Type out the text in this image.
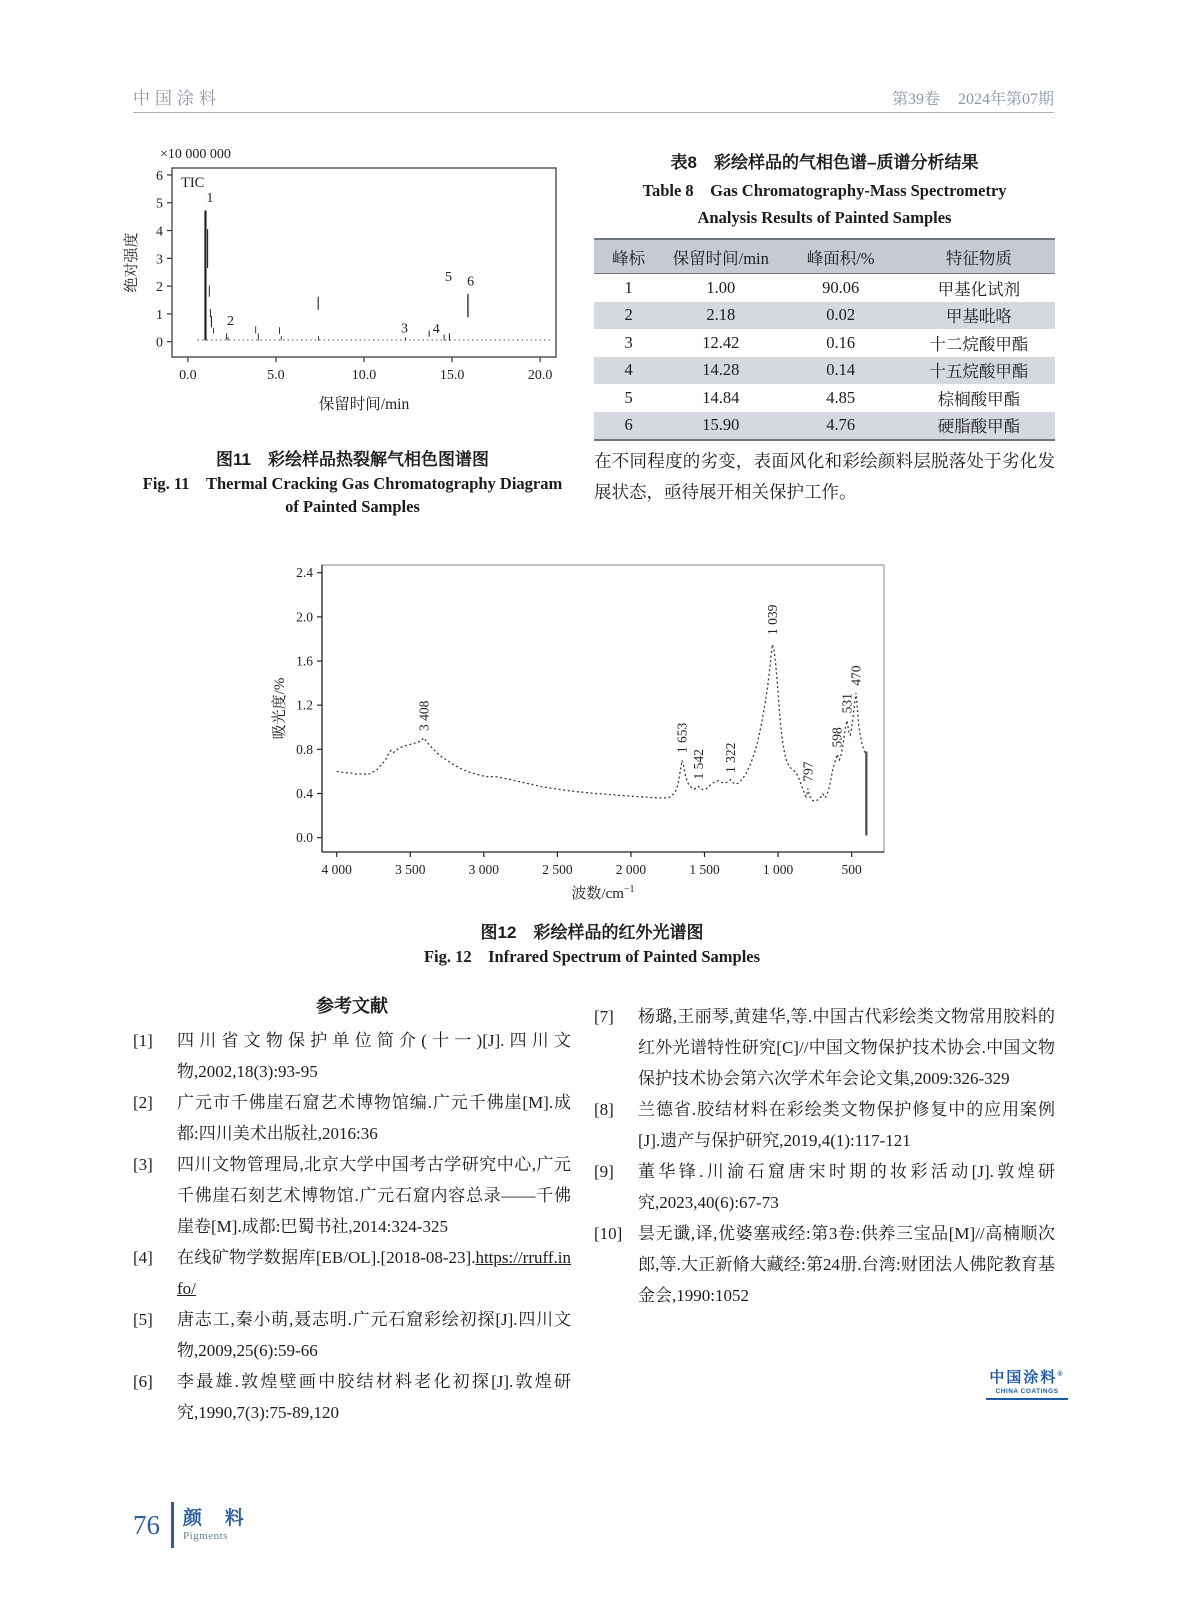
中国涂料	第39卷 2024年第07期
×10 000 000
TIC
0
1
2
3
4
5
6
0.0	5.0	10.0	15.0	20.0
保留时间/min
绝对强度
1
2	3 4
5 6
图11　彩绘样品热裂解气相色图谱图
Fig. 11　Thermal Cracking Gas Chromatography Diagram
of Painted Samples
表8　彩绘样品的气相色谱–质谱分析结果
Table 8　Gas Chromatography-Mass Spectrometry
Analysis Results of Painted Samples
峰标	保留时间/min	峰面积/%	特征物质
1	1.00	90.06	甲基化试剂
2	2.18	0.02	甲基吡咯
3	12.42	0.16	十二烷酸甲酯
4	14.28	0.14	十五烷酸甲酯
5	14.84	4.85	棕榈酸甲酯
6	15.90	4.76	硬脂酸甲酯
在不同程度的劣变，表面风化和彩绘颜料层脱落处于劣化发展状态，亟待展开相关保护工作。
0.0
0.4
0.8
1.2
1.6
2.0
2.4
4 000	3 500	3 000	2 500	2 000	1 500	1 000	500
波数$/cm^{-1}$
吸光度/%	3 408
1 653
1 542 1 322
1 039
797
598
531
470
图12　彩绘样品的红外光谱图
Fig. 12　Infrared Spectrum of Painted Samples
参考文献
[1]	四川省文物保护单位简介(十一)[J].四川文物,2002,18(3):93-95
[2]	广元市千佛崖石窟艺术博物馆编.广元千佛崖[M].成都:四川美术出版社,2016:36
[3]	四川文物管理局,北京大学中国考古学研究中心,广元千佛崖石刻艺术博物馆.广元石窟内容总录——千佛崖卷[M].成都:巴蜀书社,2014:324-325
[4]	在线矿物学数据库[EB/OL].[2018-08-23].https://rruff.info/
[5]	唐志工,秦小萌,聂志明.广元石窟彩绘初探[J].四川文物,2009,25(6):59-66
[6]	李最雄.敦煌壁画中胶结材料老化初探[J].敦煌研究,1990,7(3):75-89,120
[7]	杨璐,王丽琴,黄建华,等.中国古代彩绘类文物常用胶料的红外光谱特性研究[C]//中国文物保护技术协会.中国文物保护技术协会第六次学术年会论文集,2009:326-329
[8]	兰德省.胶结材料在彩绘类文物保护修复中的应用案例[J].遗产与保护研究,2019,4(1):117-121
[9]	董华锋.川渝石窟唐宋时期的妆彩活动[J].敦煌研究,2023,40(6):67-73
[10] 昙无谶,译,优婆塞戒经:第3卷:供养三宝品[M]//高楠顺次郎,等.大正新脩大藏经:第24册.台湾:财团法人佛陀教育基金会,1990:1052
中国涂料®
CHINA COATINGS
76 颜 料
Pigments
